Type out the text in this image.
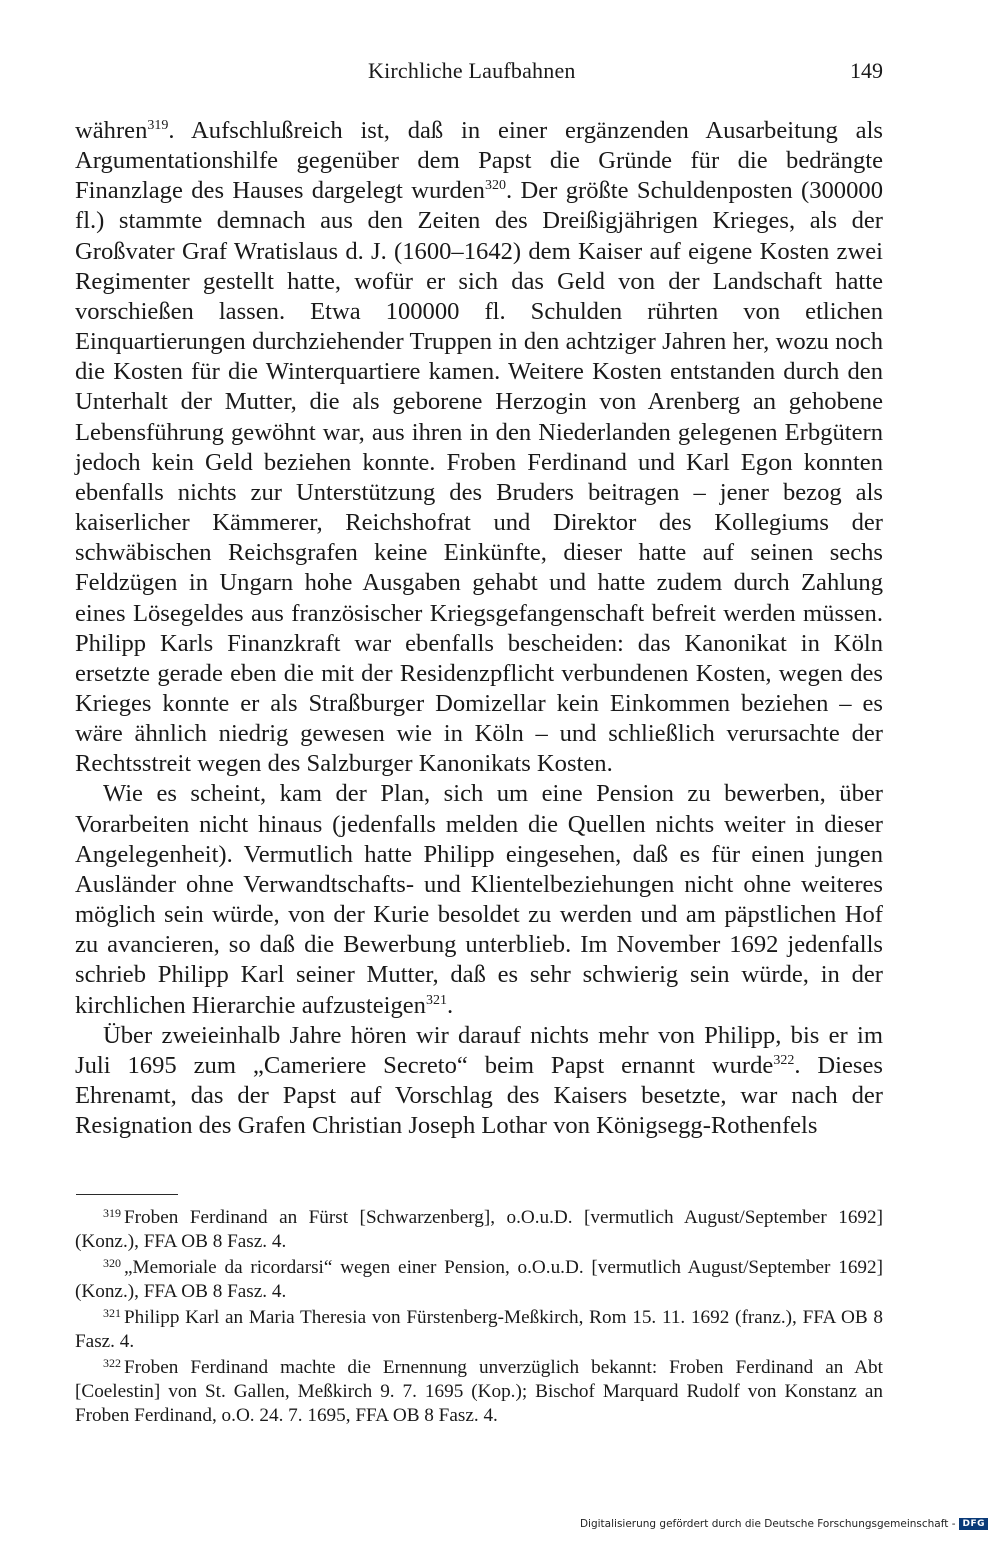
Kirchliche Laufbahnen	149

währen$^{319}$. Aufschlußreich ist, daß in einer ergänzenden Ausarbeitung als Argumentationshilfe gegenüber dem Papst die Gründe für die bedrängte Finanzlage des Hauses dargelegt wurden$^{320}$. Der größte Schuldenposten (300000 fl.) stammte demnach aus den Zeiten des Dreißigjährigen Krieges, als der Großvater Graf Wratislaus d. J. (1600–1642) dem Kaiser auf eigene Kosten zwei Regimenter gestellt hatte, wofür er sich das Geld von der Landschaft hatte vorschießen lassen. Etwa 100000 fl. Schulden rührten von etlichen Einquartierungen durchziehender Truppen in den achtziger Jahren her, wozu noch die Kosten für die Winterquartiere kamen. Weitere Kosten entstanden durch den Unterhalt der Mutter, die als geborene Herzogin von Arenberg an gehobene Lebensführung gewöhnt war, aus ihren in den Niederlanden gelegenen Erbgütern jedoch kein Geld beziehen konnte. Froben Ferdinand und Karl Egon konnten ebenfalls nichts zur Unterstützung des Bruders beitragen – jener bezog als kaiserlicher Kämmerer, Reichshofrat und Direktor des Kollegiums der schwäbischen Reichsgrafen keine Einkünfte, dieser hatte auf seinen sechs Feldzügen in Ungarn hohe Ausgaben gehabt und hatte zudem durch Zahlung eines Lösegeldes aus französischer Kriegsgefangenschaft befreit werden müssen. Philipp Karls Finanzkraft war ebenfalls bescheiden: das Kanonikat in Köln ersetzte gerade eben die mit der Residenzpflicht verbundenen Kosten, wegen des Krieges konnte er als Straßburger Domizellar kein Einkommen beziehen – es wäre ähnlich niedrig gewesen wie in Köln – und schließlich verursachte der Rechtsstreit wegen des Salzburger Kanonikats Kosten.

Wie es scheint, kam der Plan, sich um eine Pension zu bewerben, über Vorarbeiten nicht hinaus (jedenfalls melden die Quellen nichts weiter in dieser Angelegenheit). Vermutlich hatte Philipp eingesehen, daß es für einen jungen Ausländer ohne Verwandtschafts- und Klientelbeziehungen nicht ohne weiteres möglich sein würde, von der Kurie besoldet zu werden und am päpstlichen Hof zu avancieren, so daß die Bewerbung unterblieb. Im November 1692 jedenfalls schrieb Philipp Karl seiner Mutter, daß es sehr schwierig sein würde, in der kirchlichen Hierarchie aufzusteigen$^{321}$.

Über zweieinhalb Jahre hören wir darauf nichts mehr von Philipp, bis er im Juli 1695 zum „Cameriere Secreto“ beim Papst ernannt wurde$^{322}$. Dieses Ehrenamt, das der Papst auf Vorschlag des Kaisers besetzte, war nach der Resignation des Grafen Christian Joseph Lothar von Königsegg-Rothenfels

$^{319}$ Froben Ferdinand an Fürst [Schwarzenberg], o.O.u.D. [vermutlich August/September 1692] (Konz.), FFA OB 8 Fasz. 4.

$^{320}$ „Memoriale da ricordarsi“ wegen einer Pension, o.O.u.D. [vermutlich August/September 1692] (Konz.), FFA OB 8 Fasz. 4.

$^{321}$ Philipp Karl an Maria Theresia von Fürstenberg-Meßkirch, Rom 15. 11. 1692 (franz.), FFA OB 8 Fasz. 4.

$^{322}$ Froben Ferdinand machte die Ernennung unverzüglich bekannt: Froben Ferdinand an Abt [Coelestin] von St. Gallen, Meßkirch 9. 7. 1695 (Kop.); Bischof Marquard Rudolf von Konstanz an Froben Ferdinand, o.O. 24. 7. 1695, FFA OB 8 Fasz. 4.

Digitalisierung gefördert durch die Deutsche Forschungsgemeinschaft - DFG
